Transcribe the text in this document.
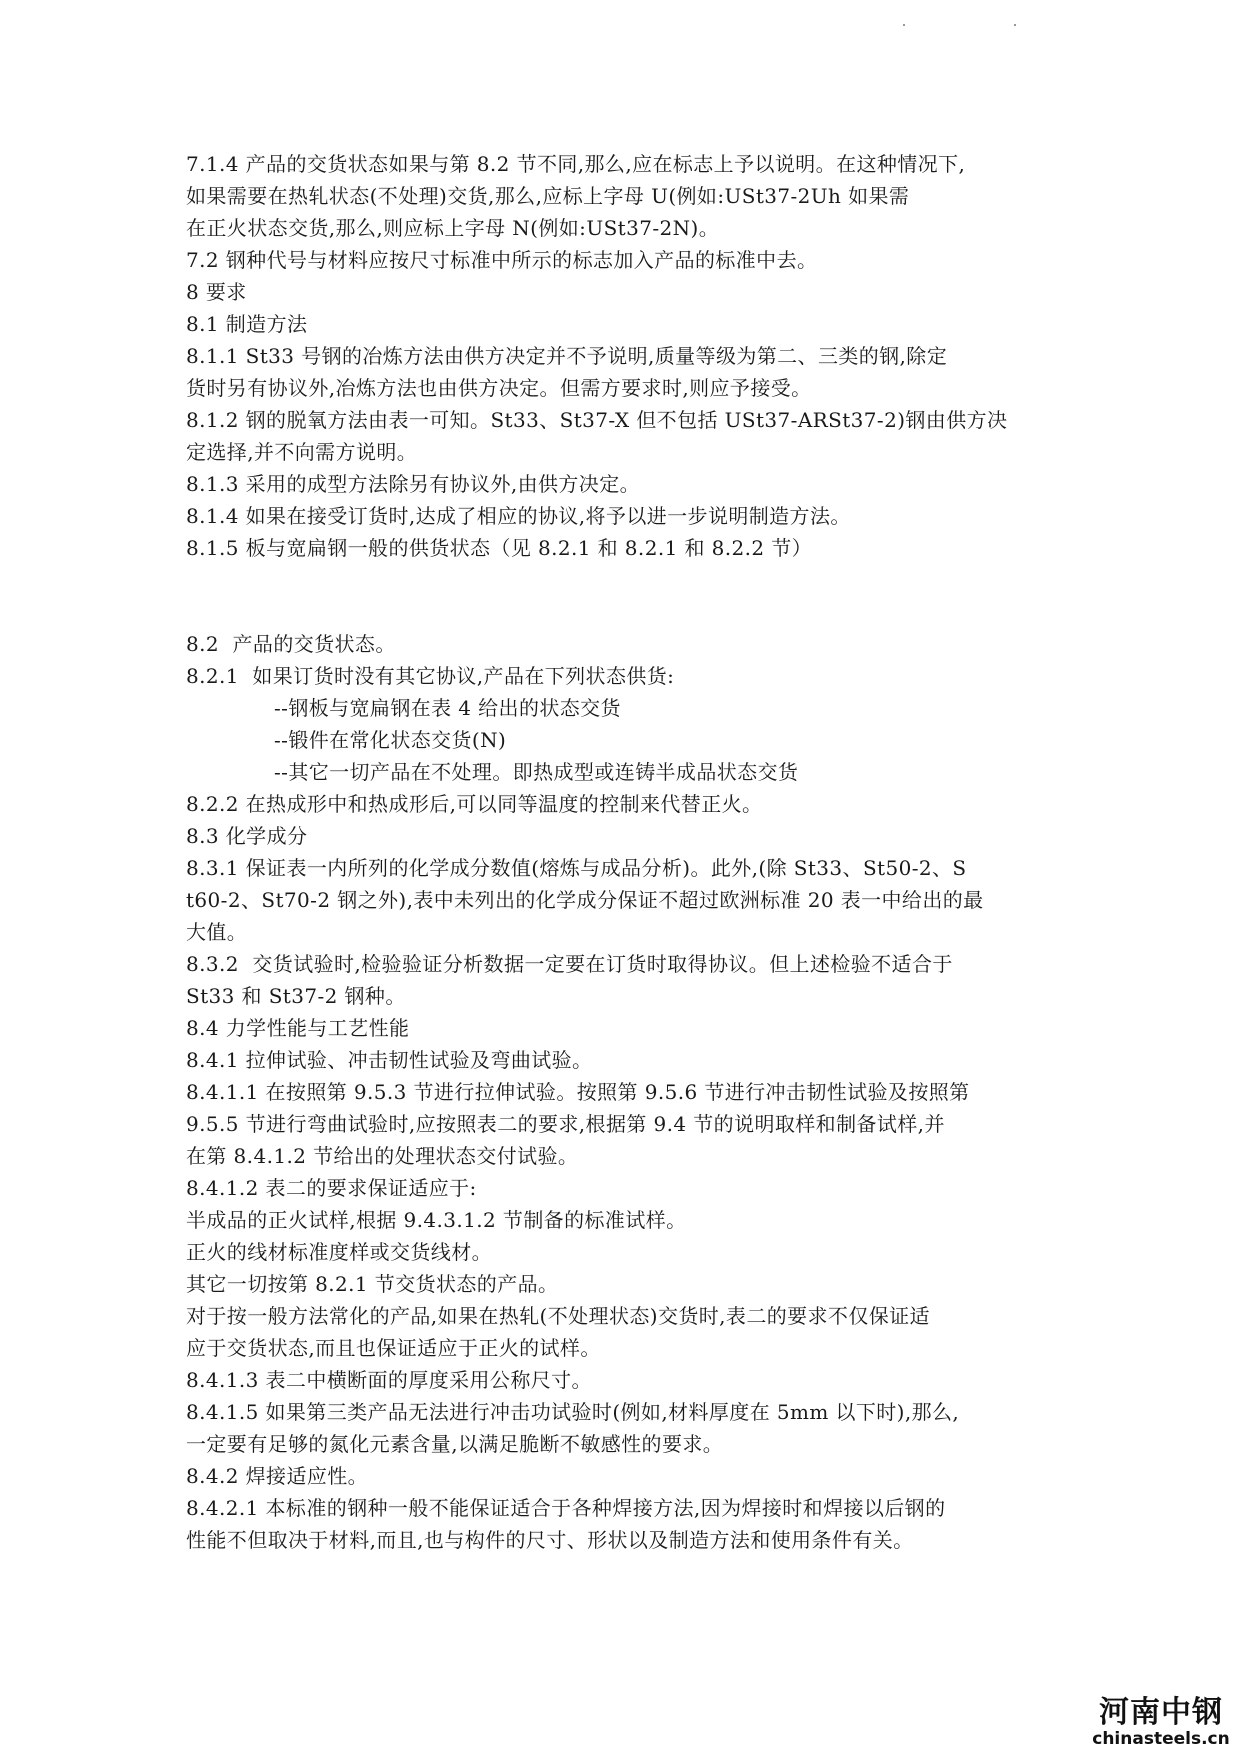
7.1.4 产品的交货状态如果与第 8.2 节不同,那么,应在标志上予以说明。在这种情况下,
如果需要在热轧状态(不处理)交货,那么,应标上字母 U(例如:USt37-2Uh 如果需
在正火状态交货,那么,则应标上字母 N(例如:USt37-2N)。
7.2 钢种代号与材料应按尺寸标准中所示的标志加入产品的标准中去。
8 要求
8.1 制造方法
8.1.1 St33 号钢的冶炼方法由供方决定并不予说明,质量等级为第二、三类的钢,除定
货时另有协议外,冶炼方法也由供方决定。但需方要求时,则应予接受。
8.1.2 钢的脱氧方法由表一可知。St33、St37-X 但不包括 USt37-ARSt37-2)钢由供方决
定选择,并不向需方说明。
8.1.3 采用的成型方法除另有协议外,由供方决定。
8.1.4 如果在接受订货时,达成了相应的协议,将予以进一步说明制造方法。
8.1.5 板与宽扁钢一般的供货状态（见 8.2.1 和 8.2.1 和 8.2.2 节）
8.2  产品的交货状态。
8.2.1  如果订货时没有其它协议,产品在下列状态供货:
--钢板与宽扁钢在表 4 给出的状态交货
--锻件在常化状态交货(N)
--其它一切产品在不处理。即热成型或连铸半成品状态交货
8.2.2 在热成形中和热成形后,可以同等温度的控制来代替正火。
8.3 化学成分
8.3.1 保证表一内所列的化学成分数值(熔炼与成品分析)。此外,(除 St33、St50-2、S
t60-2、St70-2 钢之外),表中未列出的化学成分保证不超过欧洲标准 20 表一中给出的最
大值。
8.3.2  交货试验时,检验验证分析数据一定要在订货时取得协议。但上述检验不适合于
St33 和 St37-2 钢种。
8.4 力学性能与工艺性能
8.4.1 拉伸试验、冲击韧性试验及弯曲试验。
8.4.1.1 在按照第 9.5.3 节进行拉伸试验。按照第 9.5.6 节进行冲击韧性试验及按照第
9.5.5 节进行弯曲试验时,应按照表二的要求,根据第 9.4 节的说明取样和制备试样,并
在第 8.4.1.2 节给出的处理状态交付试验。
8.4.1.2 表二的要求保证适应于:
半成品的正火试样,根据 9.4.3.1.2 节制备的标准试样。
正火的线材标准度样或交货线材。
其它一切按第 8.2.1 节交货状态的产品。
对于按一般方法常化的产品,如果在热轧(不处理状态)交货时,表二的要求不仅保证适
应于交货状态,而且也保证适应于正火的试样。
8.4.1.3 表二中横断面的厚度采用公称尺寸。
8.4.1.5 如果第三类产品无法进行冲击功试验时(例如,材料厚度在 5mm 以下时),那么,
一定要有足够的氮化元素含量,以满足脆断不敏感性的要求。
8.4.2 焊接适应性。
8.4.2.1 本标准的钢种一般不能保证适合于各种焊接方法,因为焊接时和焊接以后钢的
性能不但取决于材料,而且,也与构件的尺寸、形状以及制造方法和使用条件有关。
河南中钢
chinasteels.cn
